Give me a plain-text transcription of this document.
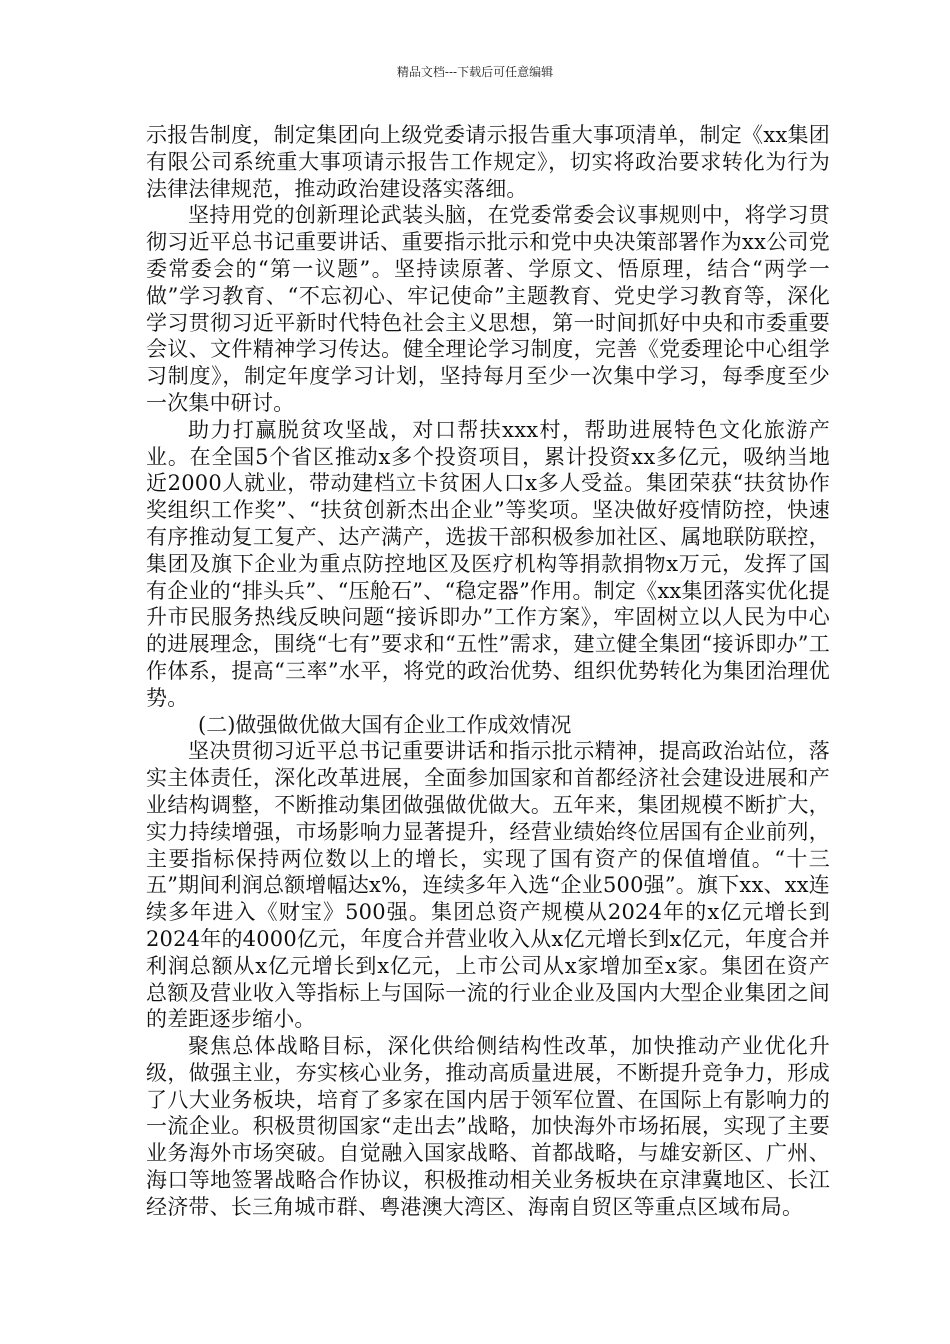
精品文档---下载后可任意编辑

示报告制度，制定集团向上级党委请示报告重大事项清单，制定《xx集团有限公司系统重大事项请示报告工作规定》，切实将政治要求转化为行为法律法律规范，推动政治建设落实落细。

坚持用党的创新理论武装头脑，在党委常委会议事规则中，将学习贯彻习近平总书记重要讲话、重要指示批示和党中央决策部署作为xx公司党委常委会的“第一议题”。坚持读原著、学原文、悟原理，结合“两学一做”学习教育、“不忘初心、牢记使命”主题教育、党史学习教育等，深化学习贯彻习近平新时代特色社会主义思想，第一时间抓好中央和市委重要会议、文件精神学习传达。健全理论学习制度，完善《党委理论中心组学习制度》，制定年度学习计划，坚持每月至少一次集中学习，每季度至少一次集中研讨。

助力打赢脱贫攻坚战，对口帮扶xxx村，帮助进展特色文化旅游产业。在全国5个省区推动x多个投资项目，累计投资xx多亿元，吸纳当地近2000人就业，带动建档立卡贫困人口x多人受益。集团荣获“扶贫协作奖组织工作奖”、“扶贫创新杰出企业”等奖项。坚决做好疫情防控，快速有序推动复工复产、达产满产，选拔干部积极参加社区、属地联防联控，集团及旗下企业为重点防控地区及医疗机构等捐款捐物x万元，发挥了国有企业的“排头兵”、“压舱石”、“稳定器”作用。制定《xx集团落实优化提升市民服务热线反映问题“接诉即办”工作方案》，牢固树立以人民为中心的进展理念，围绕“七有”要求和“五性”需求，建立健全集团“接诉即办”工作体系，提高“三率”水平，将党的政治优势、组织优势转化为集团治理优势。

(二)做强做优做大国有企业工作成效情况

坚决贯彻习近平总书记重要讲话和指示批示精神，提高政治站位，落实主体责任，深化改革进展，全面参加国家和首都经济社会建设进展和产业结构调整，不断推动集团做强做优做大。五年来，集团规模不断扩大，实力持续增强，市场影响力显著提升，经营业绩始终位居国有企业前列，主要指标保持两位数以上的增长，实现了国有资产的保值增值。“十三五”期间利润总额增幅达x%，连续多年入选“企业500强”。旗下xx、xx连续多年进入《财宝》500强。集团总资产规模从2024年的x亿元增长到2024年的4000亿元，年度合并营业收入从x亿元增长到x亿元，年度合并利润总额从x亿元增长到x亿元，上市公司从x家增加至x家。集团在资产总额及营业收入等指标上与国际一流的行业企业及国内大型企业集团之间的差距逐步缩小。

聚焦总体战略目标，深化供给侧结构性改革，加快推动产业优化升级，做强主业，夯实核心业务，推动高质量进展，不断提升竞争力，形成了八大业务板块，培育了多家在国内居于领军位置、在国际上有影响力的一流企业。积极贯彻国家“走出去”战略，加快海外市场拓展，实现了主要业务海外市场突破。自觉融入国家战略、首都战略，与雄安新区、广州、海口等地签署战略合作协议，积极推动相关业务板块在京津冀地区、长江经济带、长三角城市群、粤港澳大湾区、海南自贸区等重点区域布局。
